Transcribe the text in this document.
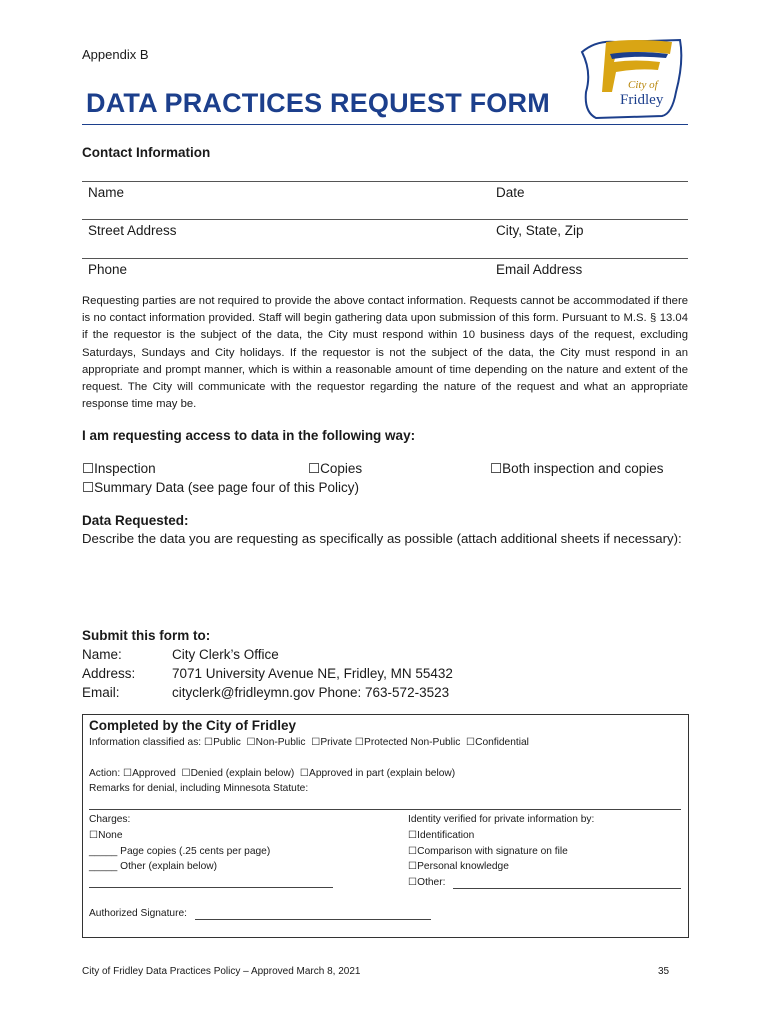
Appendix B
DATA PRACTICES REQUEST FORM
City of
Fridley
Contact Information
Name	Date
Street Address	City, State, Zip
Phone	Email Address
Requesting parties are not required to provide the above contact information. Requests cannot be accommodated if there is no contact information provided. Staff will begin gathering data upon submission of this form. Pursuant to M.S. § 13.04 if the requestor is the subject of the data, the City must respond within 10 business days of the request, excluding Saturdays, Sundays and City holidays. If the requestor is not the subject of the data, the City must respond in an appropriate and prompt manner, which is within a reasonable amount of time depending on the nature and extent of the request. The City will communicate with the requestor regarding the nature of the request and what an appropriate response time may be.
I am requesting access to data in the following way:
☐ Inspection	☐ Copies	☐ Both inspection and copies
☐ Summary Data (see page four of this Policy)
Data Requested:
Describe the data you are requesting as specifically as possible (attach additional sheets if necessary):
Submit this form to:
Name:	City Clerk’s Office
Address:	7071 University Avenue NE, Fridley, MN 55432
Email:	cityclerk@fridleymn.gov Phone: 763-572-3523
Completed by the City of Fridley
Information classified as: ☐ Public ☐ Non-Public ☐ Private ☐ Protected Non-Public ☐ Confidential
Action: ☐ Approved ☐ Denied (explain below) ☐ Approved in part (explain below)
Remarks for denial, including Minnesota Statute:
Charges:
☐ None
_____ Page copies (.25 cents per page)
_____ Other (explain below)
Identity verified for private information by:
☐ Identification
☐ Comparison with signature on file
☐ Personal knowledge
☐ Other:
Authorized Signature:
City of Fridley Data Practices Policy – Approved March 8, 2021	35
